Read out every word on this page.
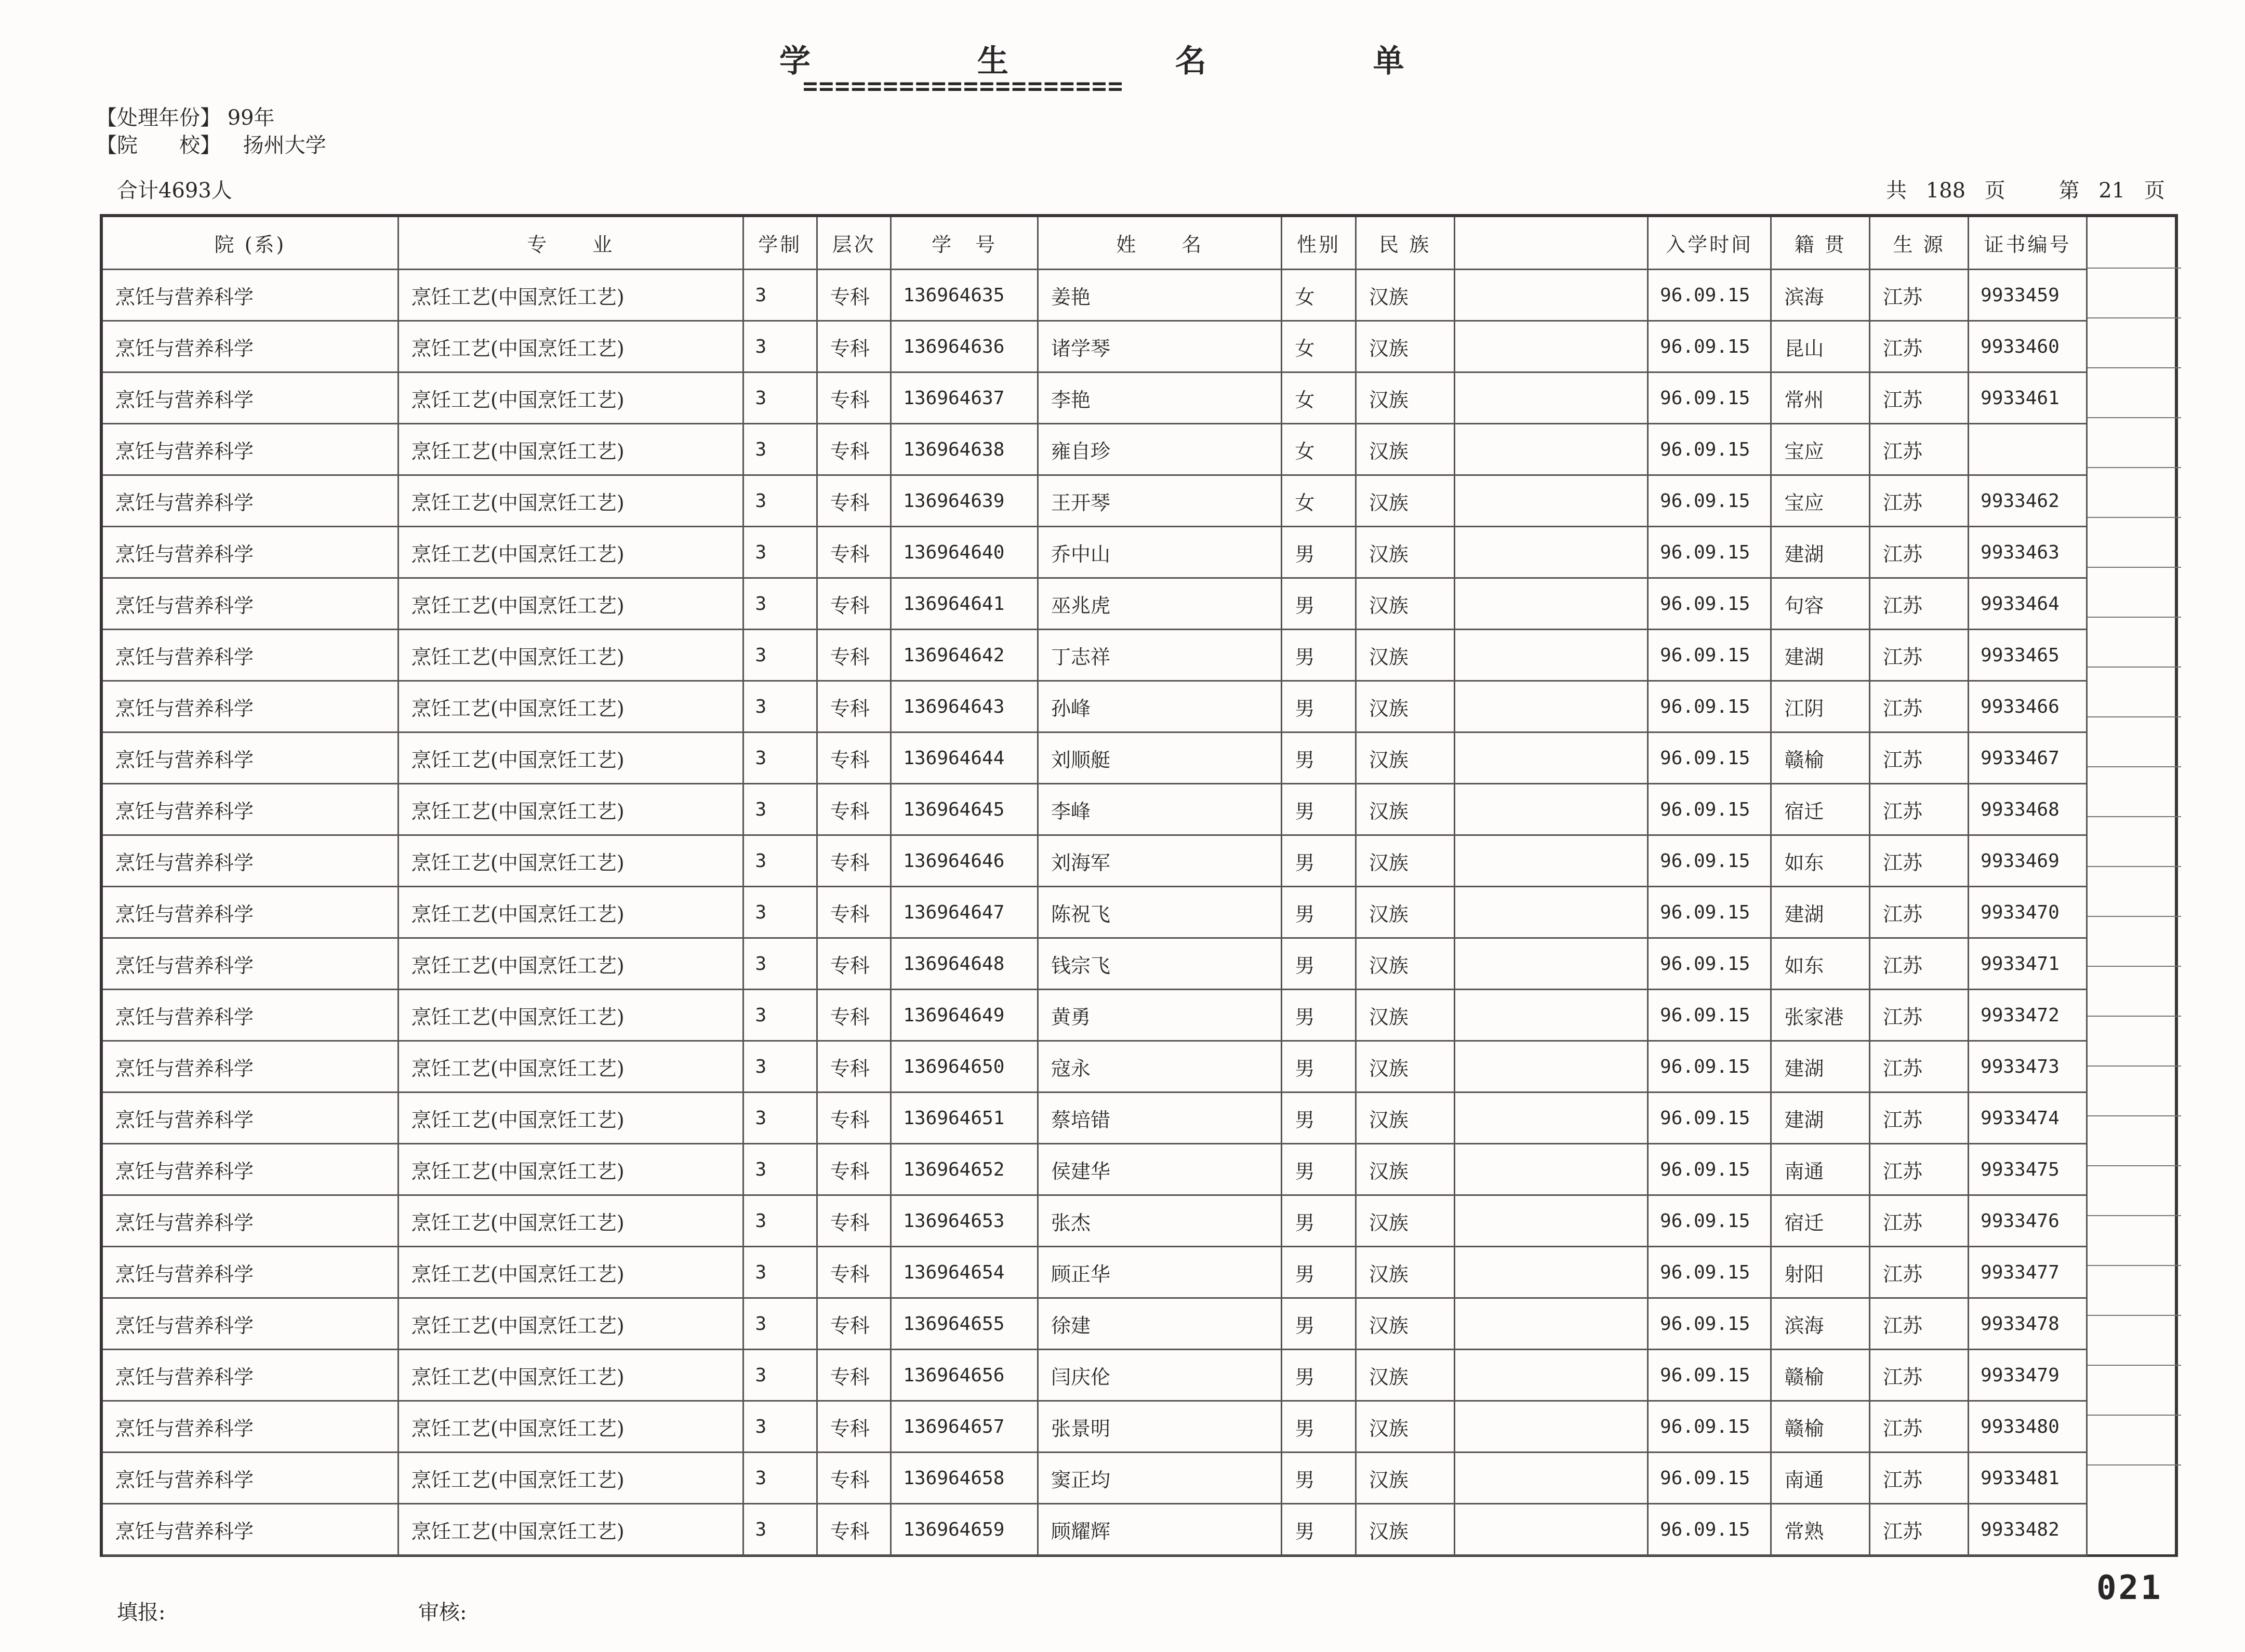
学 生 名 单
====================
【处理年份】 99年
【院　　校】 扬州大学
合计4693人	共 188 页	第 21 页
院 (系)	专　　业	学制	层次	学　号	姓　　名	性别	民 族		入学时间	籍 贯	生 源	证书编号
烹饪与营养科学	烹饪工艺(中国烹饪工艺)	3	专科	136964635	姜艳	女	汉族		96.09.15	滨海	江苏	9933459
烹饪与营养科学	烹饪工艺(中国烹饪工艺)	3	专科	136964636	诸学琴	女	汉族		96.09.15	昆山	江苏	9933460
烹饪与营养科学	烹饪工艺(中国烹饪工艺)	3	专科	136964637	李艳	女	汉族		96.09.15	常州	江苏	9933461
烹饪与营养科学	烹饪工艺(中国烹饪工艺)	3	专科	136964638	雍自珍	女	汉族		96.09.15	宝应	江苏	
烹饪与营养科学	烹饪工艺(中国烹饪工艺)	3	专科	136964639	王开琴	女	汉族		96.09.15	宝应	江苏	9933462
烹饪与营养科学	烹饪工艺(中国烹饪工艺)	3	专科	136964640	乔中山	男	汉族		96.09.15	建湖	江苏	9933463
烹饪与营养科学	烹饪工艺(中国烹饪工艺)	3	专科	136964641	巫兆虎	男	汉族		96.09.15	句容	江苏	9933464
烹饪与营养科学	烹饪工艺(中国烹饪工艺)	3	专科	136964642	丁志祥	男	汉族		96.09.15	建湖	江苏	9933465
烹饪与营养科学	烹饪工艺(中国烹饪工艺)	3	专科	136964643	孙峰	男	汉族		96.09.15	江阴	江苏	9933466
烹饪与营养科学	烹饪工艺(中国烹饪工艺)	3	专科	136964644	刘顺艇	男	汉族		96.09.15	赣榆	江苏	9933467
烹饪与营养科学	烹饪工艺(中国烹饪工艺)	3	专科	136964645	李峰	男	汉族		96.09.15	宿迁	江苏	9933468
烹饪与营养科学	烹饪工艺(中国烹饪工艺)	3	专科	136964646	刘海军	男	汉族		96.09.15	如东	江苏	9933469
烹饪与营养科学	烹饪工艺(中国烹饪工艺)	3	专科	136964647	陈祝飞	男	汉族		96.09.15	建湖	江苏	9933470
烹饪与营养科学	烹饪工艺(中国烹饪工艺)	3	专科	136964648	钱宗飞	男	汉族		96.09.15	如东	江苏	9933471
烹饪与营养科学	烹饪工艺(中国烹饪工艺)	3	专科	136964649	黄勇	男	汉族		96.09.15	张家港	江苏	9933472
烹饪与营养科学	烹饪工艺(中国烹饪工艺)	3	专科	136964650	寇永	男	汉族		96.09.15	建湖	江苏	9933473
烹饪与营养科学	烹饪工艺(中国烹饪工艺)	3	专科	136964651	蔡培错	男	汉族		96.09.15	建湖	江苏	9933474
烹饪与营养科学	烹饪工艺(中国烹饪工艺)	3	专科	136964652	侯建华	男	汉族		96.09.15	南通	江苏	9933475
烹饪与营养科学	烹饪工艺(中国烹饪工艺)	3	专科	136964653	张杰	男	汉族		96.09.15	宿迁	江苏	9933476
烹饪与营养科学	烹饪工艺(中国烹饪工艺)	3	专科	136964654	顾正华	男	汉族		96.09.15	射阳	江苏	9933477
烹饪与营养科学	烹饪工艺(中国烹饪工艺)	3	专科	136964655	徐建	男	汉族		96.09.15	滨海	江苏	9933478
烹饪与营养科学	烹饪工艺(中国烹饪工艺)	3	专科	136964656	闫庆伦	男	汉族		96.09.15	赣榆	江苏	9933479
烹饪与营养科学	烹饪工艺(中国烹饪工艺)	3	专科	136964657	张景明	男	汉族		96.09.15	赣榆	江苏	9933480
烹饪与营养科学	烹饪工艺(中国烹饪工艺)	3	专科	136964658	窦正均	男	汉族		96.09.15	南通	江苏	9933481
烹饪与营养科学	烹饪工艺(中国烹饪工艺)	3	专科	136964659	顾耀辉	男	汉族		96.09.15	常熟	江苏	9933482
填报:	审核:
021
